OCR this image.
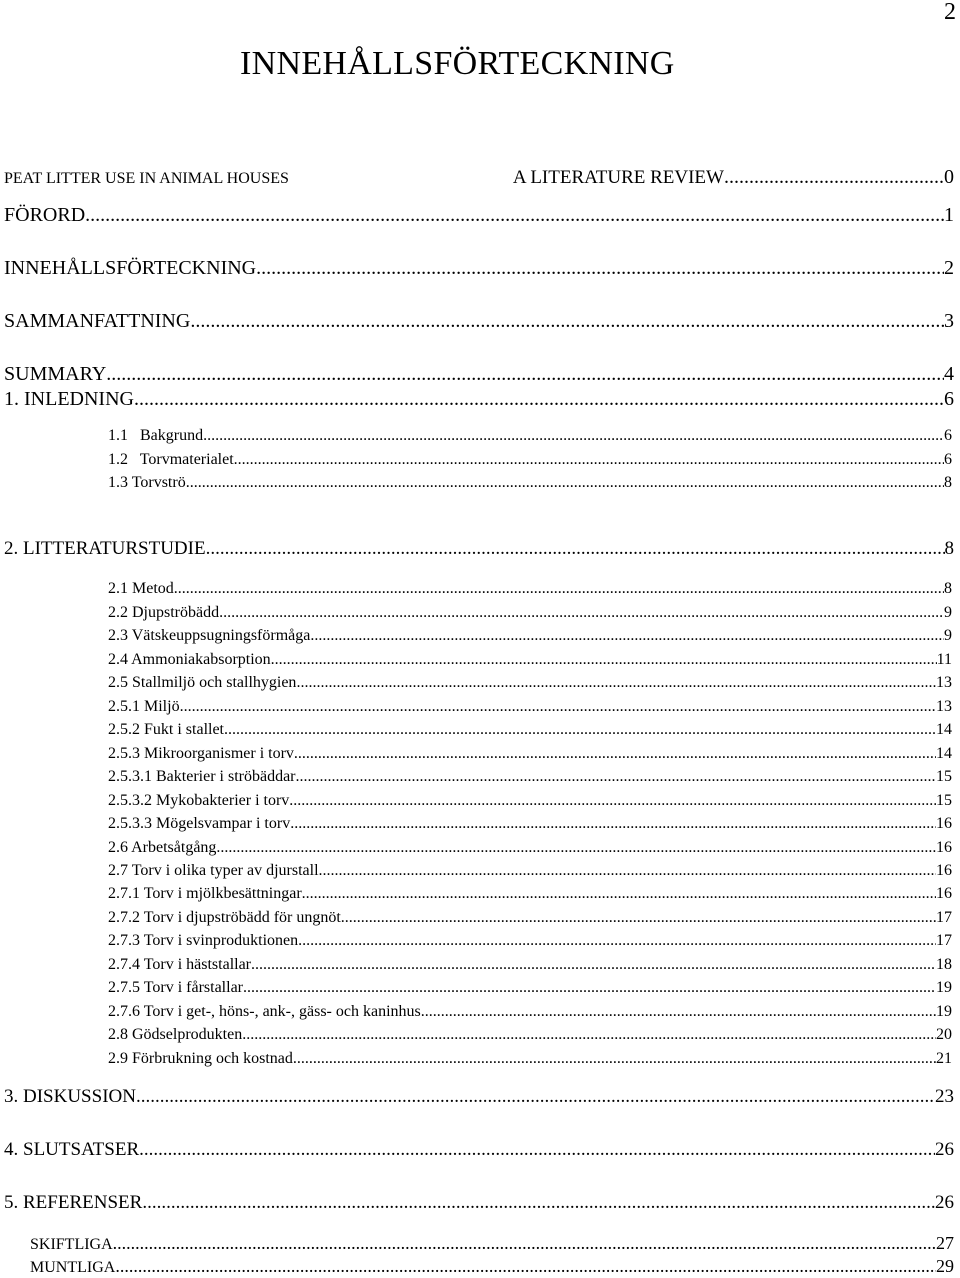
2
INNEHÅLLSFÖRTECKNING
PEAT LITTER USE IN ANIMAL HOUSES	A LITERATURE REVIEW .....	0
FÖRORD .....	1
INNEHÅLLSFÖRTECKNING .....	2
SAMMANFATTNING .....	3
SUMMARY .....	4
1. INLEDNING .....	6
1.1   Bakgrund .....	6
1.2   Torvmaterialet .....	6
1.3 Torvströ .....	8
2. LITTERATURSTUDIE .....	8
2.1 Metod .....	8
2.2 Djupströbädd .....	9
2.3 Vätskeuppsugningsförmåga .....	9
2.4 Ammoniakabsorption .....	11
2.5 Stallmiljö och stallhygien .....	13
2.5.1 Miljö .....	13
2.5.2 Fukt i stallet .....	14
2.5.3 Mikroorganismer i torv .....	14
2.5.3.1 Bakterier i ströbäddar .....	15
2.5.3.2 Mykobakterier i torv .....	15
2.5.3.3 Mögelsvampar i torv .....	16
2.6 Arbetsåtgång .....	16
2.7 Torv i olika typer av djurstall .....	16
2.7.1 Torv i mjölkbesättningar .....	16
2.7.2 Torv i djupströbädd för ungnöt .....	17
2.7.3 Torv i svinproduktionen .....	17
2.7.4 Torv i häststallar .....	18
2.7.5 Torv i fårstallar .....	19
2.7.6 Torv i get-, höns-, ank-, gäss- och kaninhus .....	19
2.8 Gödselprodukten .....	20
2.9 Förbrukning och kostnad .....	21
3. DISKUSSION .....	23
4. SLUTSATSER .....	26
5. REFERENSER .....	26
SKIFTLIGA .....	27
MUNTLIGA .....	29
